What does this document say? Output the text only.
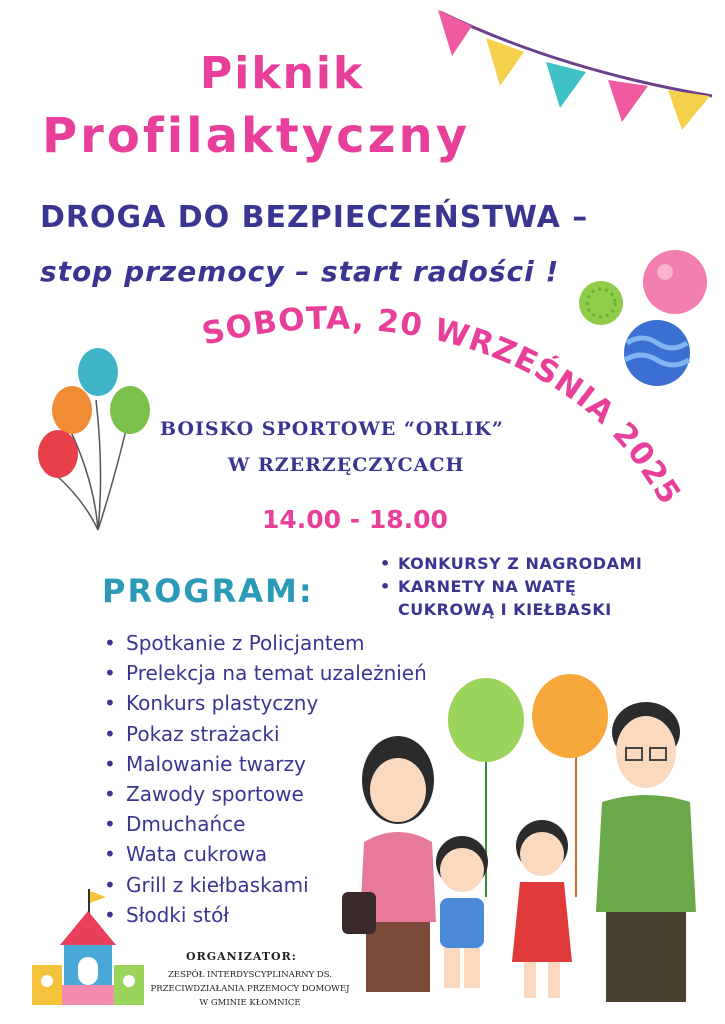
SOBOTA, 20 WRZEŚNIA 2025
Piknik
Profilaktyczny
DROGA DO BEZPIECZEŃSTWA –
stop przemocy – start radości !
BOISKO SPORTOWE “ORLIK”
W RZERZĘCZYCACH
14.00 - 18.00
• KONKURSY Z NAGRODAMI
• KARNETY NA WATĘ
CUKROWĄ I KIEŁBASKI
PROGRAM:
• Spotkanie z Policjantem
• Prelekcja na temat uzależnień
• Konkurs plastyczny
• Pokaz strażacki
• Malowanie twarzy
• Zawody sportowe
• Dmuchańce
• Wata cukrowa
• Grill z kiełbaskami
• Słodki stół
ORGANIZATOR:
ZESPÓŁ INTERDYSCYPLINARNY DS.
PRZECIWDZIAŁANIA PRZEMOCY DOMOWEJ
W GMINIE KŁOMNICE
